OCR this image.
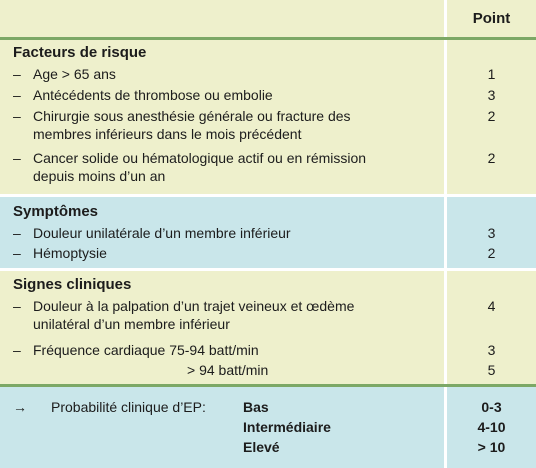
Point
Facteurs de risque
– Age > 65 ans	1
– Antécédents de thrombose ou embolie	3
– Chirurgie sous anesthésie générale ou fracture des
membres inférieurs dans le mois précédent
2
– Cancer solide ou hématologique actif ou en rémission
depuis moins d’un an
2
Symptômes
– Douleur unilatérale d’un membre inférieur	3
– Hémoptysie	2
Signes cliniques
– Douleur à la palpation d’un trajet veineux et œdème
unilatéral d’un membre inférieur
4
– Fréquence cardiaque 75-94 batt/min	3
> 94 batt/min	5
→ Probabilité clinique d’EP:	Bas	0-3
Intermédiaire	4-10
Elevé	> 10
